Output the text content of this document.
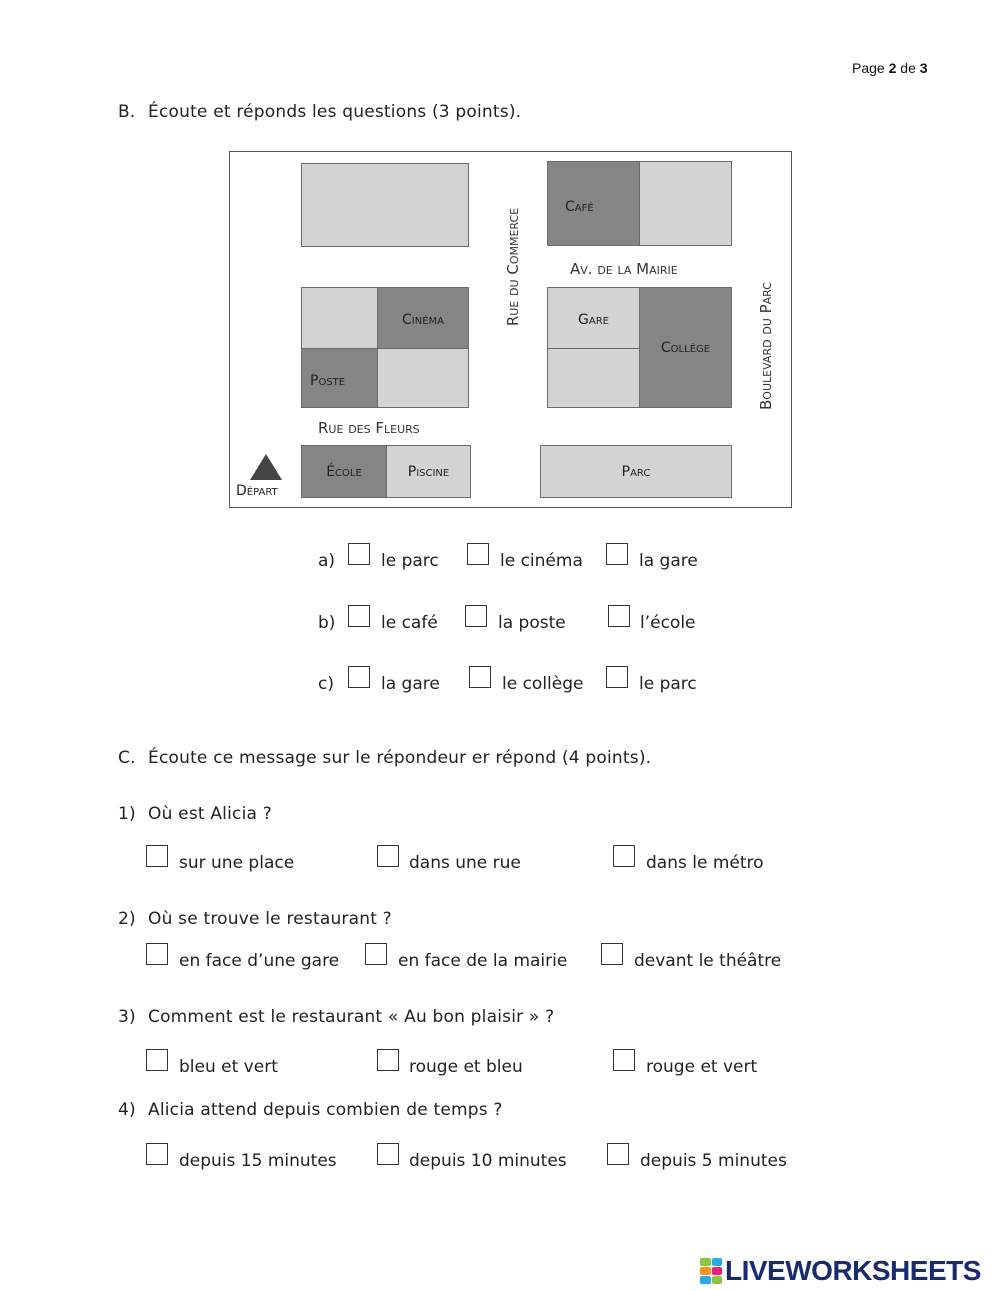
Page 2 de 3
B. Écoute et réponds les questions (3 points).
Café
Cinéma
Poste
Gare
Collège
École	Piscine	Parc
Départ
Rue du Commerce	Av. de la Mairie
Boulevard du Parc
Rue des Fleurs
a)	le parc	le cinéma	la gare
b)	le café	la poste	l’école
c)	la gare	le collège	le parc
C. Écoute ce message sur le répondeur er répond (4 points).
1) Où est Alicia ?
sur une place	dans une rue	dans le métro
2) Où se trouve le restaurant ?
en face d’une gare	en face de la mairie	devant le théâtre
3) Comment est le restaurant « Au bon plaisir » ?
bleu et vert	rouge et bleu	rouge et vert
4) Alicia attend depuis combien de temps ?
depuis 15 minutes	depuis 10 minutes	depuis 5 minutes
LIVEWORKSHEETS
